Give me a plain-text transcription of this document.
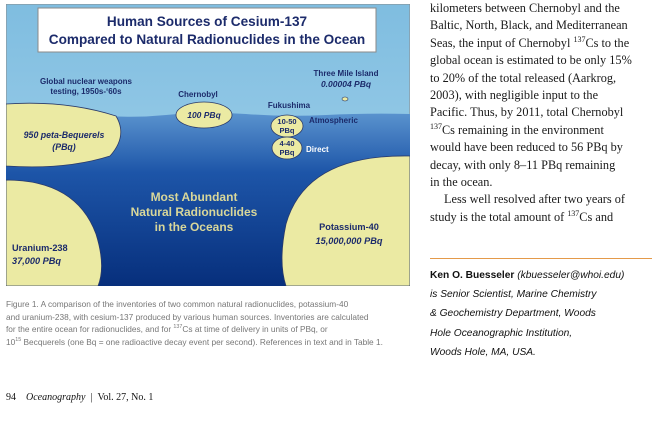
Human Sources of Cesium-137
Compared to Natural Radionuclides in the Ocean
Global nuclear weapons
testing, 1950s-‘60s
950 peta-Bequerels
(PBq)
Chernobyl
100 PBq
Fukushima
10-50
PBq
Atmospheric
4-40
PBq Direct
Three Mile Island
0.00004 PBq
Most Abundant
Natural Radionuclides
in the Oceans
Uranium-238
37,000 PBq
Potassium-40
15,000,000 PBq
Figure 1. A comparison of the inventories of two common natural radionuclides, potassium-40
and uranium-238, with cesium-137 produced by various human sources. Inventories are calculated
for the entire ocean for radionuclides, and for $^{137}$Cs at time of delivery in units of PBq, or
$10^{15}$ Becquerels (one Bq = one radioactive decay event per second). References in text and in Table 1.
94 Oceanography  |  Vol. 27, No. 1

kilometers between Chernobyl and the

Baltic, North, Black, and Mediterranean

Seas, the input of Chernobyl $^{137}$Cs to the

global ocean is estimated to be only 15%

to 20% of the total released (Aarkrog,

2003), with negligible input to the

Pacific. Thus, by 2011, total Chernobyl

$^{137}$Cs remaining in the environment

would have been reduced to 56 PBq by

decay, with only 8–11 PBq remaining

in the ocean.

Less well resolved after two years of

study is the total amount of $^{137}$Cs and

Ken O. Buesseler (kbuesseler@whoi.edu)
is Senior Scientist, Marine Chemistry
& Geochemistry Department, Woods
Hole Oceanographic Institution,
Woods Hole, MA, USA.
